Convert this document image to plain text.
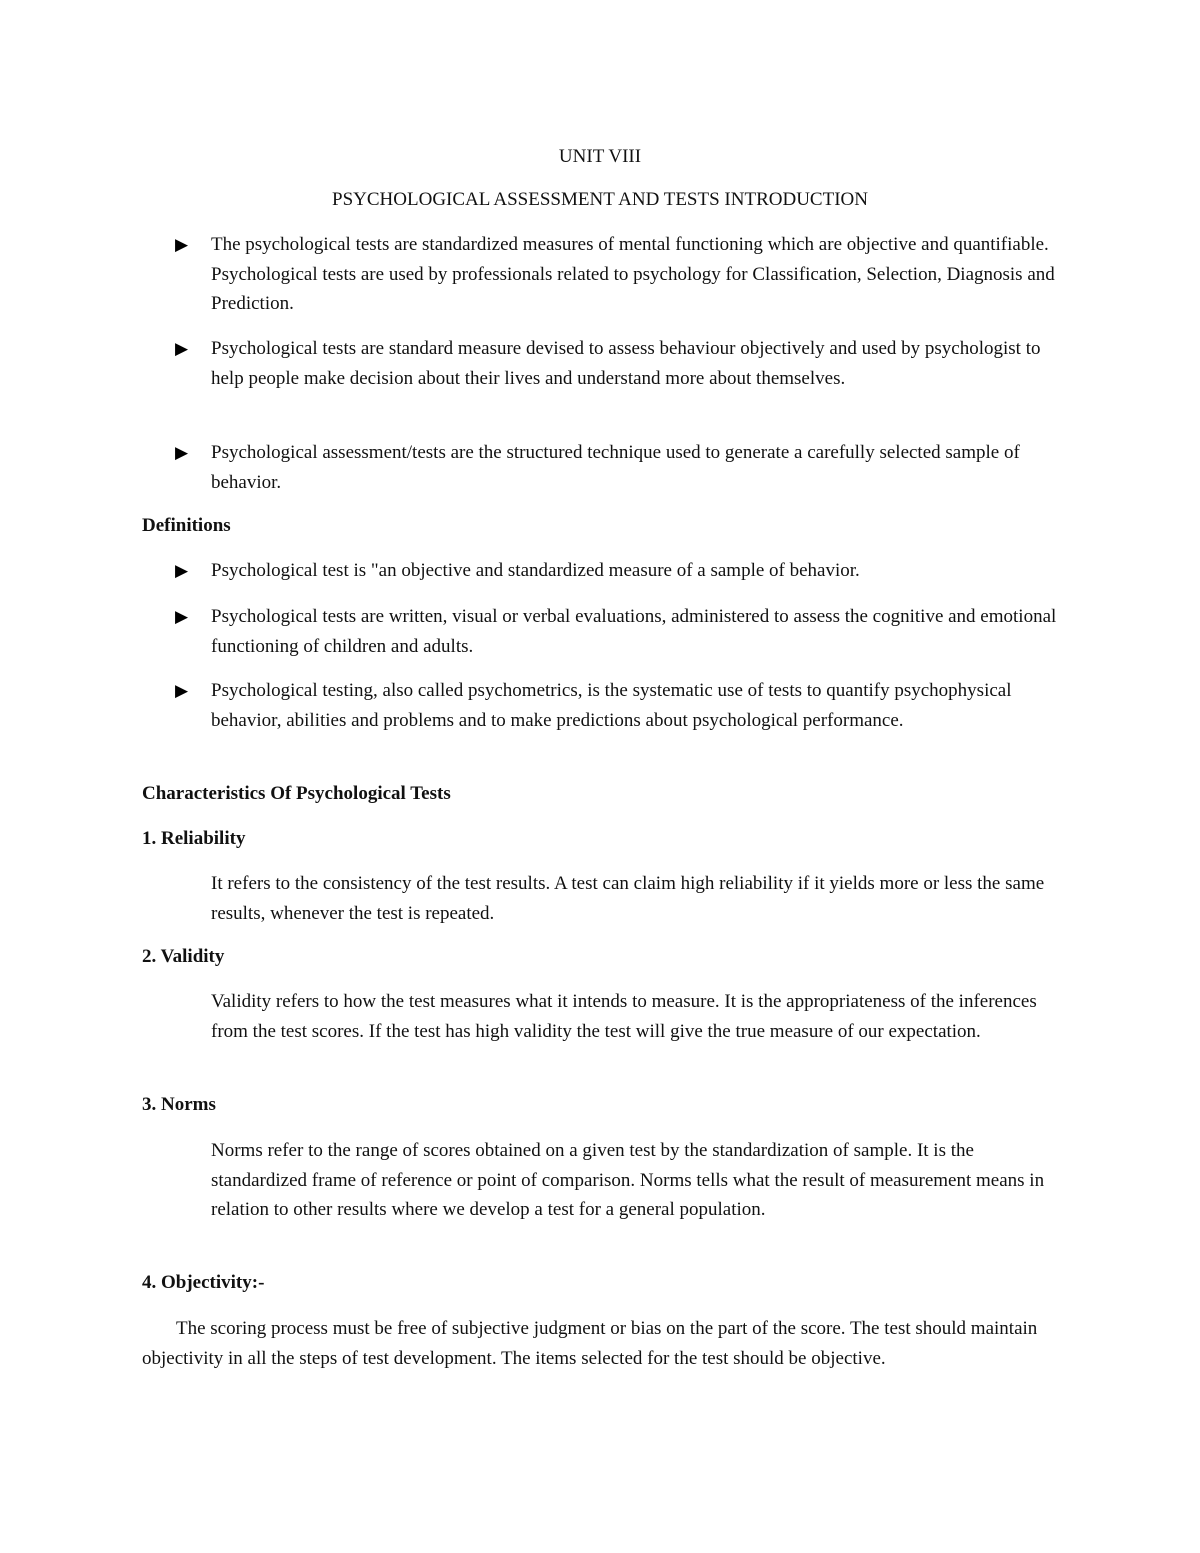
UNIT VIII
PSYCHOLOGICAL ASSESSMENT AND TESTS INTRODUCTION
▶	The psychological tests are standardized measures of mental functioning which are objective and quantifiable. Psychological tests are used by professionals related to psychology for Classification, Selection, Diagnosis and Prediction.
▶	Psychological tests are standard measure devised to assess behaviour objectively and used by psychologist to help people make decision about their lives and understand more about themselves.
▶	Psychological assessment/tests are the structured technique used to generate a carefully selected sample of behavior.
Definitions
▶	Psychological test is "an objective and standardized measure of a sample of behavior.
▶	Psychological tests are written, visual or verbal evaluations, administered to assess the cognitive and emotional functioning of children and adults.
▶	Psychological testing, also called psychometrics, is the systematic use of tests to quantify psychophysical behavior, abilities and problems and to make predictions about psychological performance.
Characteristics Of Psychological Tests
1. Reliability

It refers to the consistency of the test results. A test can claim high reliability if it yields more or less the same results, whenever the test is repeated.

2. Validity

Validity refers to how the test measures what it intends to measure. It is the appropriateness of the inferences from the test scores. If the test has high validity the test will give the true measure of our expectation.

3. Norms

Norms refer to the range of scores obtained on a given test by the standardization of sample. It is the standardized frame of reference or point of comparison. Norms tells what the result of measurement means in relation to other results where we develop a test for a general population.

4. Objectivity:-

The scoring process must be free of subjective judgment or bias on the part of the score. The test should maintain objectivity in all the steps of test development. The items selected for the test should be objective.
